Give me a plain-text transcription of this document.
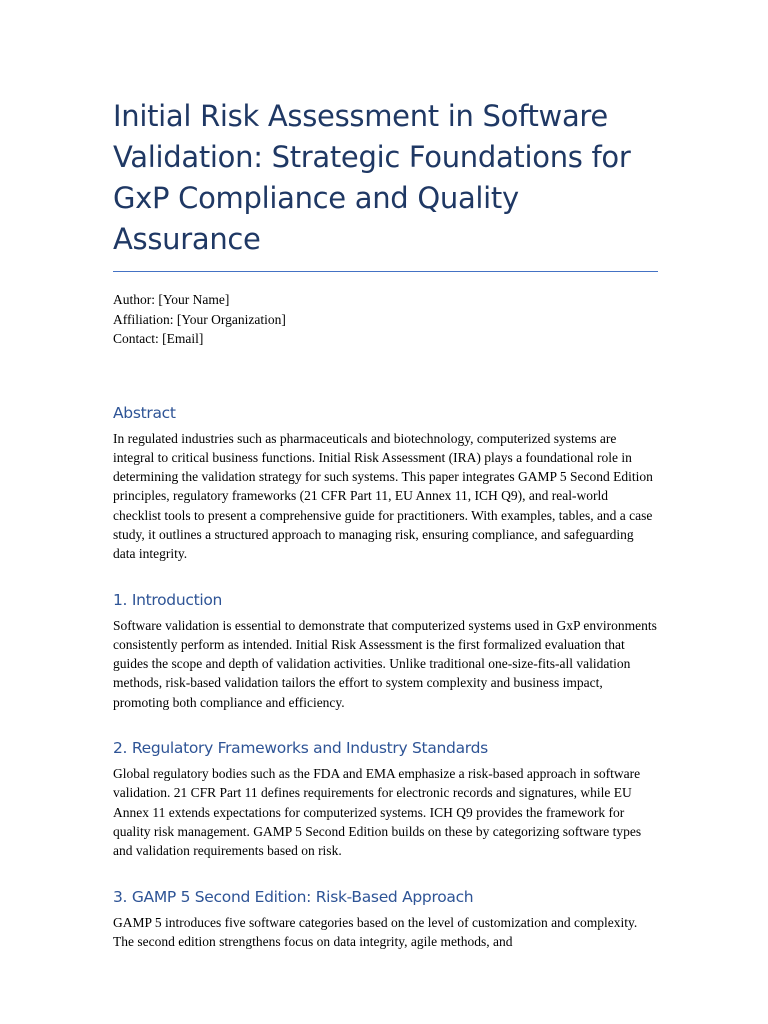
Initial Risk Assessment in Software Validation: Strategic Foundations for GxP Compliance and Quality Assurance
Author: [Your Name]
Affiliation: [Your Organization]
Contact: [Email]
Abstract

In regulated industries such as pharmaceuticals and biotechnology, computerized systems are integral to critical business functions. Initial Risk Assessment (IRA) plays a foundational role in determining the validation strategy for such systems. This paper integrates GAMP 5 Second Edition principles, regulatory frameworks (21 CFR Part 11, EU Annex 11, ICH Q9), and real-world checklist tools to present a comprehensive guide for practitioners. With examples, tables, and a case study, it outlines a structured approach to managing risk, ensuring compliance, and safeguarding data integrity.

1. Introduction

Software validation is essential to demonstrate that computerized systems used in GxP environments consistently perform as intended. Initial Risk Assessment is the first formalized evaluation that guides the scope and depth of validation activities. Unlike traditional one-size-fits-all validation methods, risk-based validation tailors the effort to system complexity and business impact, promoting both compliance and efficiency.

2. Regulatory Frameworks and Industry Standards

Global regulatory bodies such as the FDA and EMA emphasize a risk-based approach in software validation. 21 CFR Part 11 defines requirements for electronic records and signatures, while EU Annex 11 extends expectations for computerized systems. ICH Q9 provides the framework for quality risk management. GAMP 5 Second Edition builds on these by categorizing software types and validation requirements based on risk.

3. GAMP 5 Second Edition: Risk-Based Approach

GAMP 5 introduces five software categories based on the level of customization and complexity. The second edition strengthens focus on data integrity, agile methods, and
